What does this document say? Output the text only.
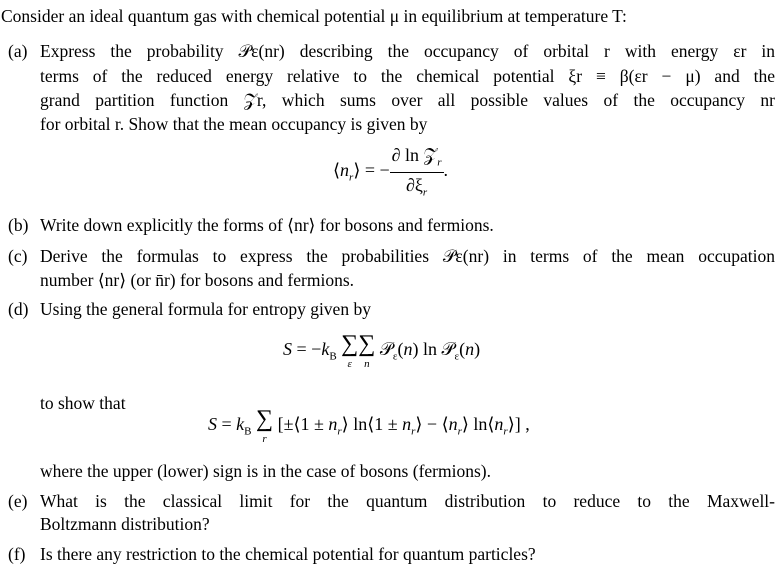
Consider an ideal quantum gas with chemical potential μ in equilibrium at temperature T:
(a) Express the probability 𝒫ε(nr) describing the occupancy of orbital r with energy εr in
terms of the reduced energy relative to the chemical potential ξr ≡ β(εr − μ) and the
grand partition function 𝒵r, which sums over all possible values of the occupancy nr
for orbital r. Show that the mean occupancy is given by
$⟨n_r⟩$ = − $\frac{\partial \ln 𝒵_r}{\partial\xi_r}$ .
(b) Write down explicitly the forms of ⟨nr⟩ for bosons and fermions.
(c) Derive the formulas to express the probabilities 𝒫ε(nr) in terms of the mean occupation
number ⟨nr⟩ (or n̄r) for bosons and fermions.
(d) Using the general formula for entropy given by
$S = -k_B$ ∑
ε
∑
n
𝒫$_\varepsilon$(n) ln 𝒫$_\varepsilon$(n)
to show that
$S = k_B$ ∑
r
[±⟨1 ± $n_r⟩$ ln⟨1 ± $n_r⟩$ − $⟨n_r⟩$ $\ln⟨n_r⟩$] ,
where the upper (lower) sign is in the case of bosons (fermions).
(e) What is the classical limit for the quantum distribution to reduce to the Maxwell-
Boltzmann distribution?
(f) Is there any restriction to the chemical potential for quantum particles?
